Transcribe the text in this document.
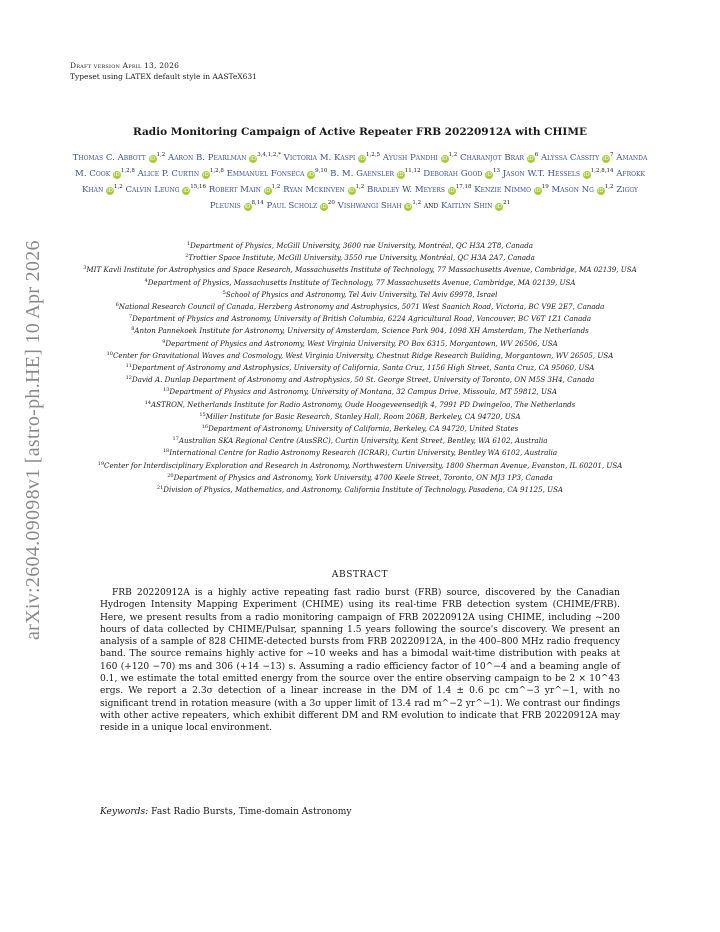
arXiv:2604.09098v1 [astro-ph.HE] 10 Apr 2026
Draft version April 13, 2026
Typeset using LATEX default style in AASTeX631
Radio Monitoring Campaign of Active Repeater FRB 20220912A with CHIME
Thomas C. Abbott iD$^{1,2}$ Aaron B. Pearlman $iD^{3,4,1,2,*}$ Victoria M. Kaspi iD$^{1,2,5}$ Ayush Pandhi iD$^{1,2}$ Charanjot Brar $iD^6$ Alyssa Cassity $iD^7$ Amanda M. Cook iD$^{1,2,8}$ Alice P. Curtin iD$^{1,2,8}$ Emmanuel Fonseca iD$^{9,10}$ B. M. Gaensler iD$^{11,12}$ Deborah Good $iD^{13}$ Jason W.T. Hessels iD$^{1,2,8,14}$ Afrokk Khan iD$^{1,2}$ Calvin Leung iD$^{15,16}$ Robert Main iD$^{1,2}$ Ryan Mckinven iD$^{1,2}$ Bradley W. Meyers iD$^{17,18}$ Kenzie Nimmo $iD^{19}$ Mason Ng iD$^{1,2}$ Ziggy Pleunis iD$^{8,14}$ Paul Scholz $iD^{20}$ Vishwangi Shah iD$^{1,2}$ and Kaitlyn Shin $iD^{21}$
$^1$Department of Physics, McGill University, 3600 rue University, Montréal, QC H3A 2T8, Canada
$^2$Trottier Space Institute, McGill University, 3550 rue University, Montréal, QC H3A 2A7, Canada
$^3$MIT Kavli Institute for Astrophysics and Space Research, Massachusetts Institute of Technology, 77 Massachusetts Avenue, Cambridge, MA 02139, USA
$^4$Department of Physics, Massachusetts Institute of Technology, 77 Massachusetts Avenue, Cambridge, MA 02139, USA
$^5$School of Physics and Astronomy, Tel Aviv University, Tel Aviv 69978, Israel
$^6$National Research Council of Canada, Herzberg Astronomy and Astrophysics, 5071 West Saanich Road, Victoria, BC V9E 2E7, Canada
$^7$Department of Physics and Astronomy, University of British Columbia, 6224 Agricultural Road, Vancouver, BC V6T 1Z1 Canada
$^8$Anton Pannekoek Institute for Astronomy, University of Amsterdam, Science Park 904, 1098 XH Amsterdam, The Netherlands
$^9$Department of Physics and Astronomy, West Virginia University, PO Box 6315, Morgantown, WV 26506, USA
$^{10}$Center for Gravitational Waves and Cosmology, West Virginia University, Chestnut Ridge Research Building, Morgantown, WV 26505, USA
$^{11}$Department of Astronomy and Astrophysics, University of California, Santa Cruz, 1156 High Street, Santa Cruz, CA 95060, USA
$^{12}$David A. Dunlap Department of Astronomy and Astrophysics, 50 St. George Street, University of Toronto, ON M5S 3H4, Canada
$^{13}$Department of Physics and Astronomy, University of Montana, 32 Campus Drive, Missoula, MT 59812, USA
$^{14}$ASTRON, Netherlands Institute for Radio Astronomy, Oude Hoogeveensedijk 4, 7991 PD Dwingeloo, The Netherlands
$^{15}$Miller Institute for Basic Research, Stanley Hall, Room 206B, Berkeley, CA 94720, USA
$^{16}$Department of Astronomy, University of California, Berkeley, CA 94720, United States
$^{17}$Australian SKA Regional Centre (AusSRC), Curtin University, Kent Street, Bentley, WA 6102, Australia
$^{18}$International Centre for Radio Astronomy Research (ICRAR), Curtin University, Bentley WA 6102, Australia
$^{19}$Center for Interdisciplinary Exploration and Research in Astronomy, Northwestern University, 1800 Sherman Avenue, Evanston, IL 60201, USA
$^{20}$Department of Physics and Astronomy, York University, 4700 Keele Street, Toronto, ON MJ3 1P3, Canada
$^{21}$Division of Physics, Mathematics, and Astronomy, California Institute of Technology, Pasadena, CA 91125, USA
ABSTRACT
FRB 20220912A is a highly active repeating fast radio burst (FRB) source, discovered by the Canadian Hydrogen Intensity Mapping Experiment (CHIME) using its real-time FRB detection system (CHIME/FRB). Here, we present results from a radio monitoring campaign of FRB 20220912A using CHIME, including ~200 hours of data collected by CHIME/Pulsar, spanning 1.5 years following the source's discovery. We present an analysis of a sample of 828 CHIME-detected bursts from FRB 20220912A, in the 400–800 MHz radio frequency band. The source remains highly active for ~10 weeks and has a bimodal wait-time distribution with peaks at 160 (+120 −70) ms and 306 (+14 −13) s. Assuming a radio efficiency factor of 10^−4 and a beaming angle of 0.1, we estimate the total emitted energy from the source over the entire observing campaign to be 2 × 10^43 ergs. We report a 2.3σ detection of a linear increase in the DM of 1.4 ± 0.6 pc cm^−3 yr^−1, with no significant trend in rotation measure (with a 3σ upper limit of 13.4 rad m^−2 yr^−1). We contrast our findings with other active repeaters, which exhibit different DM and RM evolution to indicate that FRB 20220912A may reside in a unique local environment.
Keywords: Fast Radio Bursts, Time-domain Astronomy
